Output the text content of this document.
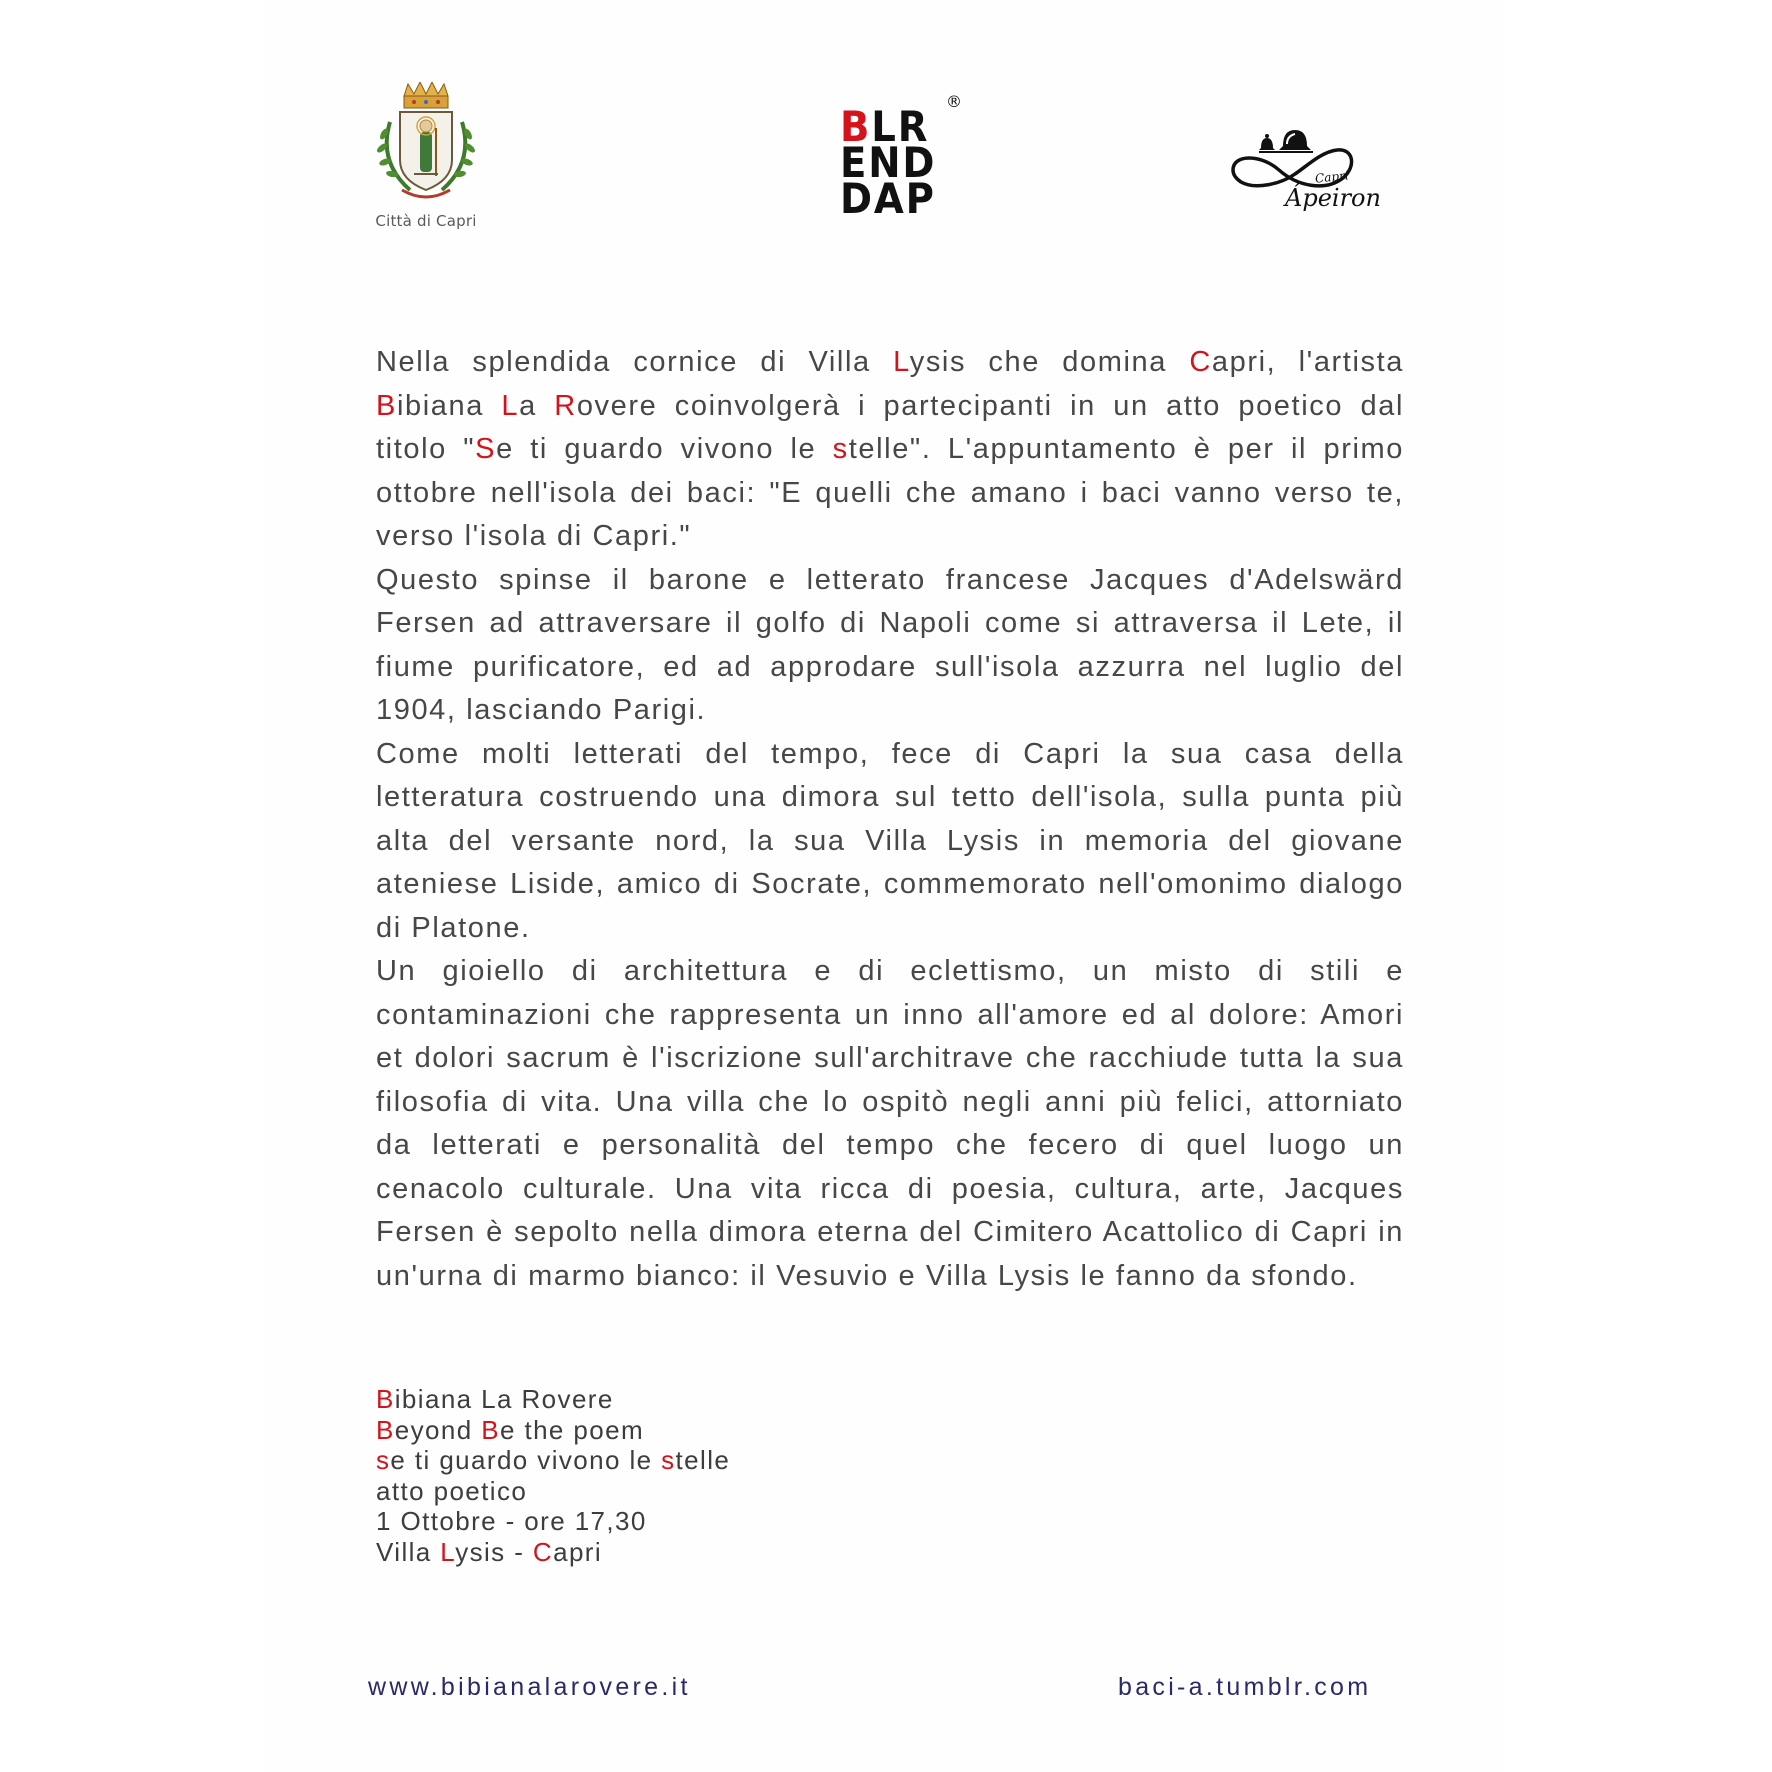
Città di Capri
BLR
END
DAP
®
Capri
Ápeiron

Nella splendida cornice di Villa Lysis che domina Capri, l'artista Bibiana La Rovere coinvolgerà i partecipanti in un atto poetico dal titolo "Se ti guardo vivono le stelle". L'appuntamento è per il primo ottobre nell'isola dei baci: "E quelli che amano i baci vanno verso te, verso l'isola di Capri."

Questo spinse il barone e letterato francese Jacques d'Adelswärd Fersen ad attraversare il golfo di Napoli come si attraversa il Lete, il fiume purificatore, ed ad approdare sull'isola azzurra nel luglio del 1904, lasciando Parigi.

Come molti letterati del tempo, fece di Capri la sua casa della letteratura costruendo una dimora sul tetto dell'isola, sulla punta più alta del versante nord, la sua Villa Lysis in memoria del giovane ateniese Liside, amico di Socrate, commemorato nell'omonimo dialogo di Platone.

Un gioiello di architettura e di eclettismo, un misto di stili e contaminazioni che rappresenta un inno all'amore ed al dolore: Amori et dolori sacrum è l'iscrizione sull'architrave che racchiude tutta la sua filosofia di vita. Una villa che lo ospitò negli anni più felici, attorniato da letterati e personalità del tempo che fecero di quel luogo un cenacolo culturale. Una vita ricca di poesia, cultura, arte, Jacques Fersen è sepolto nella dimora eterna del Cimitero Acattolico di Capri in un'urna di marmo bianco: il Vesuvio e Villa Lysis le fanno da sfondo.

Bibiana La Rovere
Beyond Be the poem
se ti guardo vivono le stelle
atto poetico
1 Ottobre - ore 17,30
Villa Lysis - Capri
www.bibianalarovere.it	baci-a.tumblr.com
